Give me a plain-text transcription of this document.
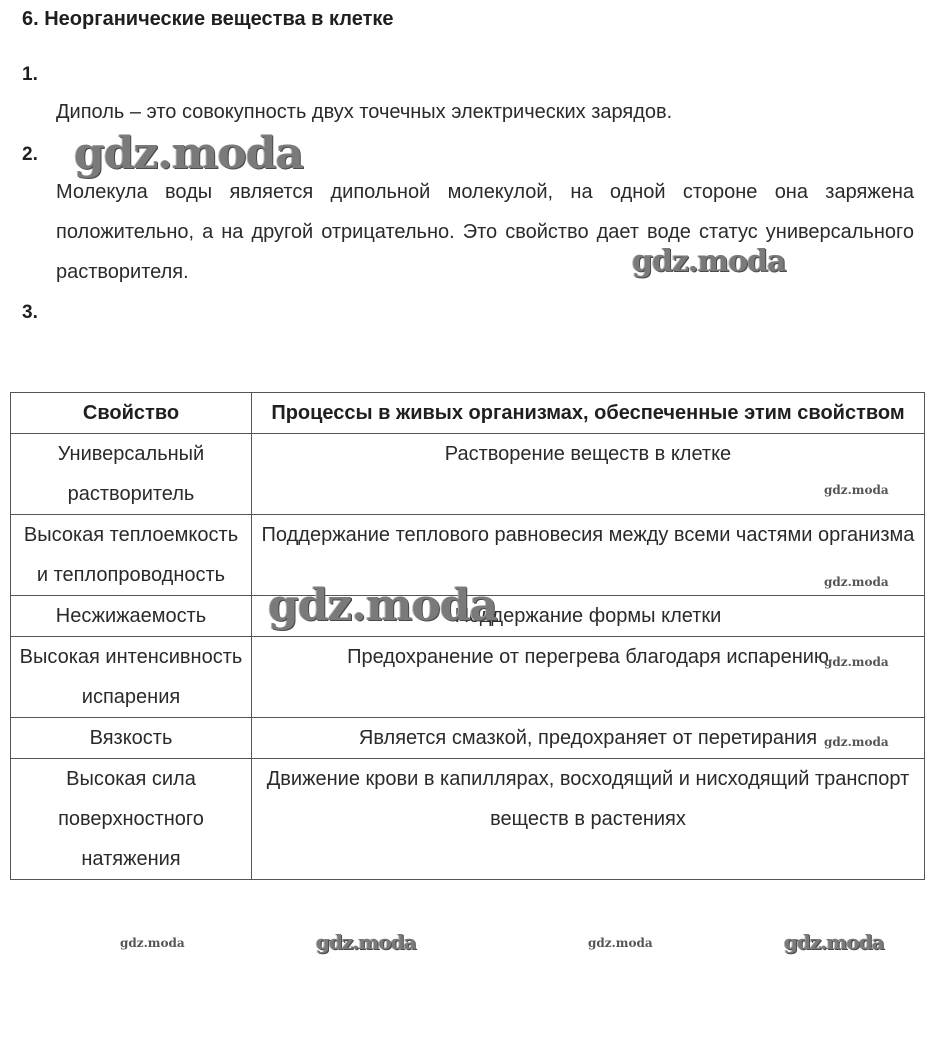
6. Неорганические вещества в клетке
1.
Диполь – это совокупность двух точечных электрических зарядов.
2.
Молекула воды является дипольной молекулой, на одной стороне она заряжена положительно, а на другой отрицательно. Это свойство дает воде статус универсального растворителя.
3.
Свойство	Процессы в живых организмах, обеспеченные этим свойством
Универсальный растворитель	Растворение веществ в клетке
Высокая теплоемкость и теплопроводность	Поддержание теплового равновесия между всеми частями организма
Несжижаемость	Поддержание формы клетки
Высокая интенсивность испарения	Предохранение от перегрева благодаря испарению
Вязкость	Является смазкой, предохраняет от перетирания
Высокая сила поверхностного натяжения	Движение крови в капиллярах, восходящий и нисходящий транспорт веществ в растениях
gdz.moda
gdz.moda
gdz.moda
gdz.moda
gdz.moda
gdz.moda
gdz.moda
gdz.moda	gdz.moda	gdz.moda	gdz.moda
